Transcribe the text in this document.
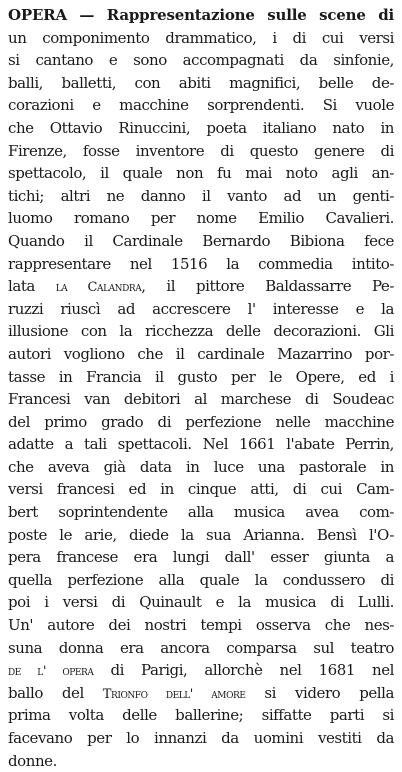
OPERA — Rappresentazione sulle scene di
un componimento drammatico, i di cui versi
si cantano e sono accompagnati da sinfonie,
balli, balletti, con abiti magnifici, belle de-
corazioni e macchine sorprendenti. Si vuole
che Ottavio Rinuccini, poeta italiano nato in
Firenze, fosse inventore di questo genere di
spettacolo, il quale non fu mai noto agli an-
tichi; altri ne danno il vanto ad un genti-
luomo romano per nome Emilio Cavalieri.
Quando il Cardinale Bernardo Bibiona fece
rappresentare nel 1516 la commedia intito-
lata la Calandra, il pittore Baldassarre Pe-
ruzzi riuscì ad accrescere l' interesse e la
illusione con la ricchezza delle decorazioni. Gli
autori vogliono che il cardinale Mazarrino por-
tasse in Francia il gusto per le Opere, ed i
Francesi van debitori al marchese di Soudeac
del primo grado di perfezione nelle macchine
adatte a tali spettacoli. Nel 1661 l'abate Perrin,
che aveva già data in luce una pastorale in
versi francesi ed in cinque atti, di cui Cam-
bert soprintendente alla musica avea com-
poste le arie, diede la sua Arianna. Bensì l'O-
pera francese era lungi dall' esser giunta a
quella perfezione alla quale la condussero di
poi i versi di Quinault e la musica di Lulli.
Un' autore dei nostri tempi osserva che nes-
suna donna era ancora comparsa sul teatro
de l' opera di Parigi, allorchè nel 1681 nel
ballo del Trionfo dell' amore si videro pella
prima volta delle ballerine; siffatte parti si
facevano per lo innanzi da uomini vestiti da
donne.
